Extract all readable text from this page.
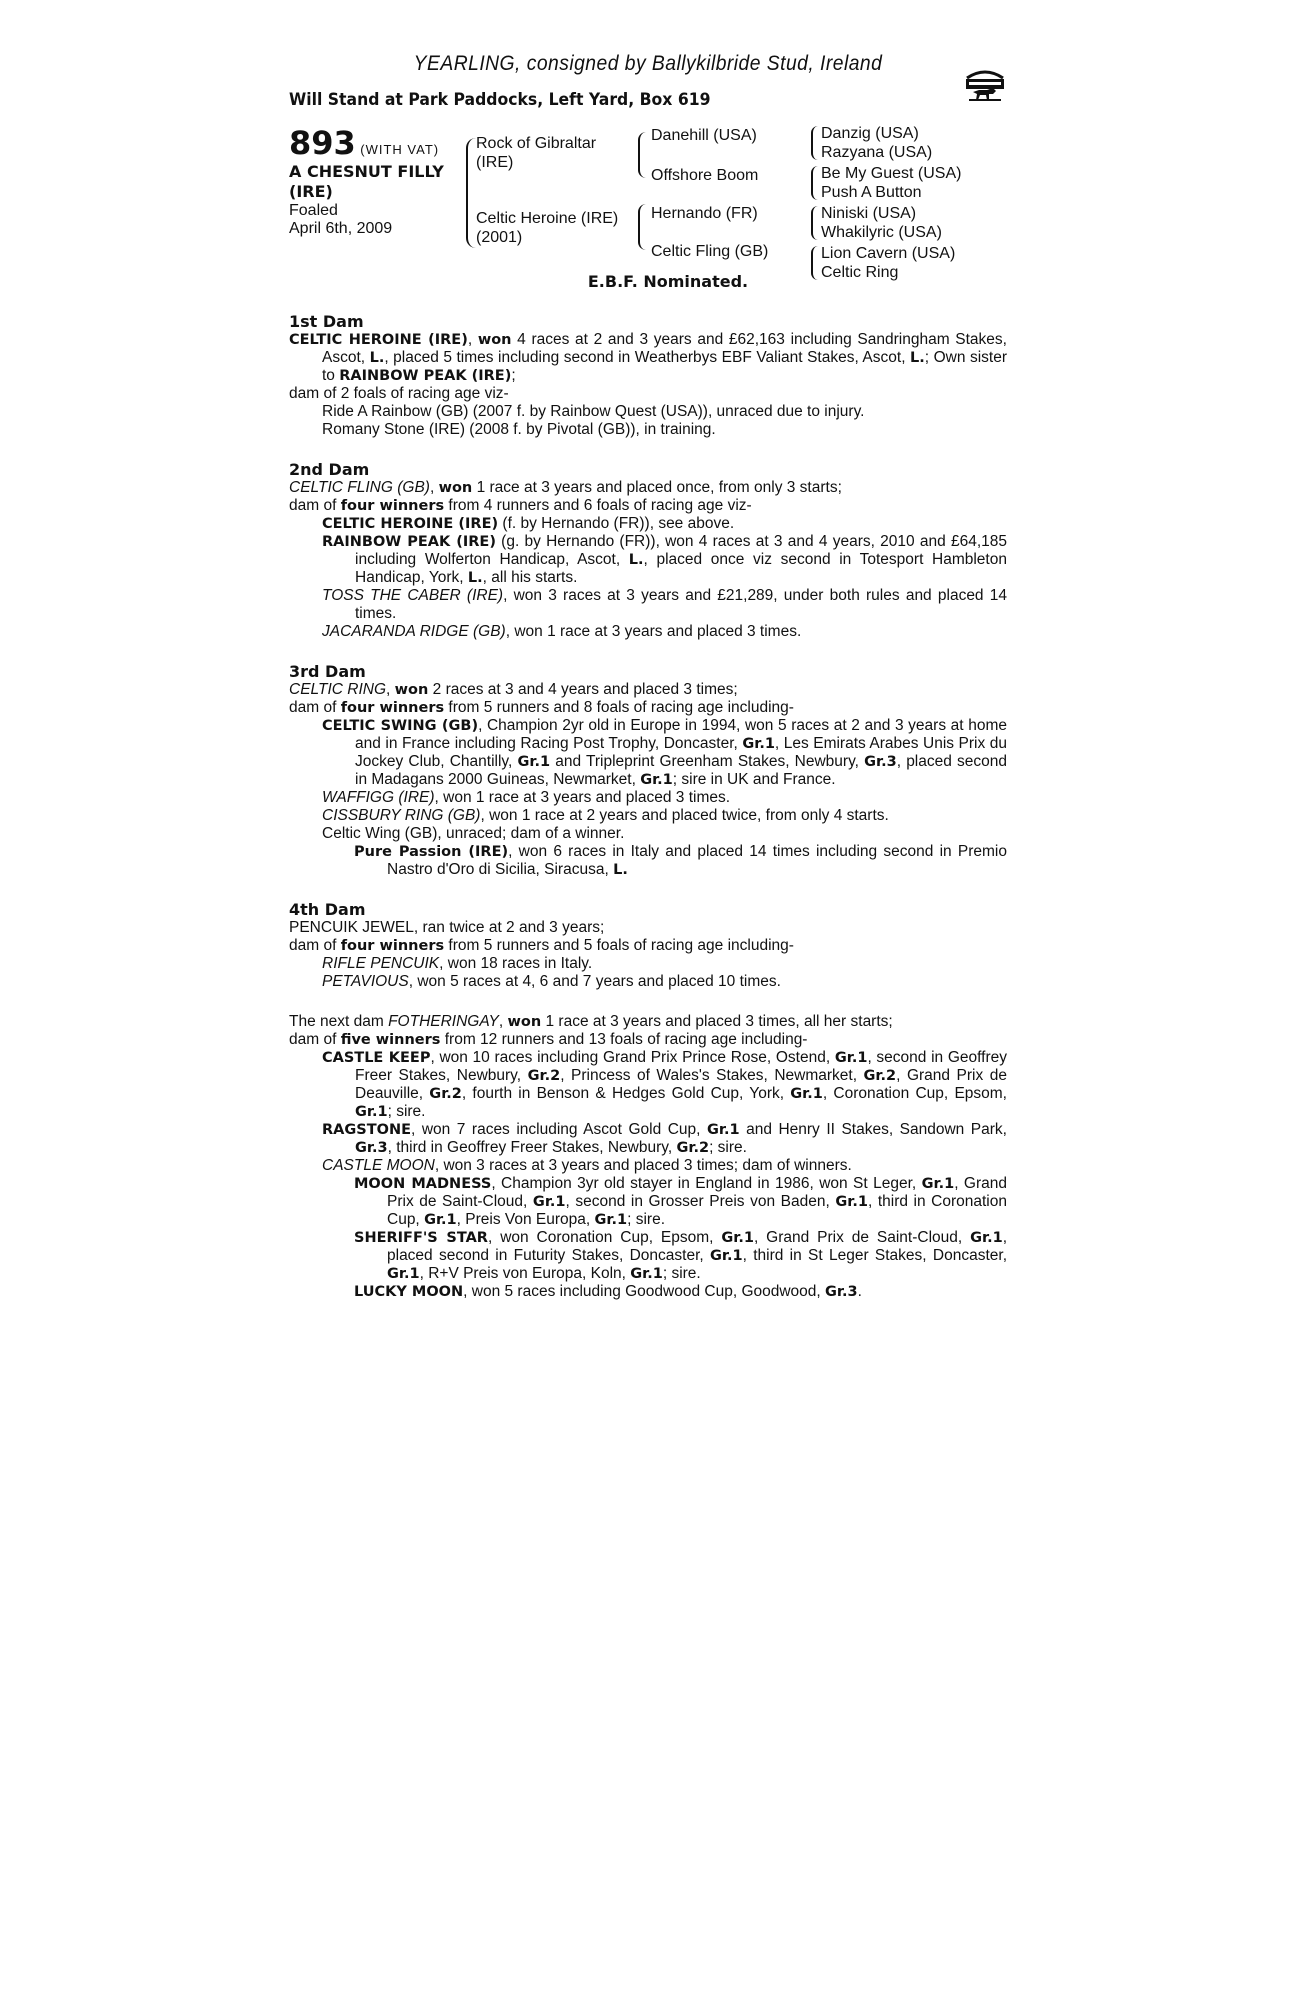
YEARLING, consigned by Ballykilbride Stud, Ireland
Will Stand at Park Paddocks, Left Yard, Box 619
893 (WITH VAT)
A CHESNUT FILLY
(IRE)
Foaled
April 6th, 2009
Rock of Gibraltar
(IRE)
Celtic Heroine (IRE)
(2001)
Danehill (USA)
Offshore Boom
Hernando (FR)
Celtic Fling (GB)
Danzig (USA)
Razyana (USA)
Be My Guest (USA)
Push A Button
Niniski (USA)
Whakilyric (USA)
Lion Cavern (USA)
Celtic Ring
E.B.F. Nominated.
1st Dam

CELTIC HEROINE (IRE), won 4 races at 2 and 3 years and £62,163 including Sandringham Stakes, Ascot, L., placed 5 times including second in Weatherbys EBF Valiant Stakes, Ascot, L.; Own sister to RAINBOW PEAK (IRE);

dam of 2 foals of racing age viz-

Ride A Rainbow (GB) (2007 f. by Rainbow Quest (USA)), unraced due to injury.

Romany Stone (IRE) (2008 f. by Pivotal (GB)), in training.

2nd Dam

CELTIC FLING (GB), won 1 race at 3 years and placed once, from only 3 starts;

dam of four winners from 4 runners and 6 foals of racing age viz-

CELTIC HEROINE (IRE) (f. by Hernando (FR)), see above.

RAINBOW PEAK (IRE) (g. by Hernando (FR)), won 4 races at 3 and 4 years, 2010 and £64,185 including Wolferton Handicap, Ascot, L., placed once viz second in Totesport Hambleton Handicap, York, L., all his starts.

TOSS THE CABER (IRE), won 3 races at 3 years and £21,289, under both rules and placed 14 times.

JACARANDA RIDGE (GB), won 1 race at 3 years and placed 3 times.

3rd Dam

CELTIC RING, won 2 races at 3 and 4 years and placed 3 times;

dam of four winners from 5 runners and 8 foals of racing age including-

CELTIC SWING (GB), Champion 2yr old in Europe in 1994, won 5 races at 2 and 3 years at home and in France including Racing Post Trophy, Doncaster, Gr.1, Les Emirats Arabes Unis Prix du Jockey Club, Chantilly, Gr.1 and Tripleprint Greenham Stakes, Newbury, Gr.3, placed second in Madagans 2000 Guineas, Newmarket, Gr.1; sire in UK and France.

WAFFIGG (IRE), won 1 race at 3 years and placed 3 times.

CISSBURY RING (GB), won 1 race at 2 years and placed twice, from only 4 starts.

Celtic Wing (GB), unraced; dam of a winner.

Pure Passion (IRE), won 6 races in Italy and placed 14 times including second in Premio Nastro d'Oro di Sicilia, Siracusa, L.

4th Dam

PENCUIK JEWEL, ran twice at 2 and 3 years;

dam of four winners from 5 runners and 5 foals of racing age including-

RIFLE PENCUIK, won 18 races in Italy.

PETAVIOUS, won 5 races at 4, 6 and 7 years and placed 10 times.

The next dam FOTHERINGAY, won 1 race at 3 years and placed 3 times, all her starts;

dam of five winners from 12 runners and 13 foals of racing age including-

CASTLE KEEP, won 10 races including Grand Prix Prince Rose, Ostend, Gr.1, second in Geoffrey Freer Stakes, Newbury, Gr.2, Princess of Wales's Stakes, Newmarket, Gr.2, Grand Prix de Deauville, Gr.2, fourth in Benson & Hedges Gold Cup, York, Gr.1, Coronation Cup, Epsom, Gr.1; sire.

RAGSTONE, won 7 races including Ascot Gold Cup, Gr.1 and Henry II Stakes, Sandown Park, Gr.3, third in Geoffrey Freer Stakes, Newbury, Gr.2; sire.

CASTLE MOON, won 3 races at 3 years and placed 3 times; dam of winners.

MOON MADNESS, Champion 3yr old stayer in England in 1986, won St Leger, Gr.1, Grand Prix de Saint-Cloud, Gr.1, second in Grosser Preis von Baden, Gr.1, third in Coronation Cup, Gr.1, Preis Von Europa, Gr.1; sire.

SHERIFF'S STAR, won Coronation Cup, Epsom, Gr.1, Grand Prix de Saint-Cloud, Gr.1, placed second in Futurity Stakes, Doncaster, Gr.1, third in St Leger Stakes, Doncaster, Gr.1, R+V Preis von Europa, Koln, Gr.1; sire.

LUCKY MOON, won 5 races including Goodwood Cup, Goodwood, Gr.3.
